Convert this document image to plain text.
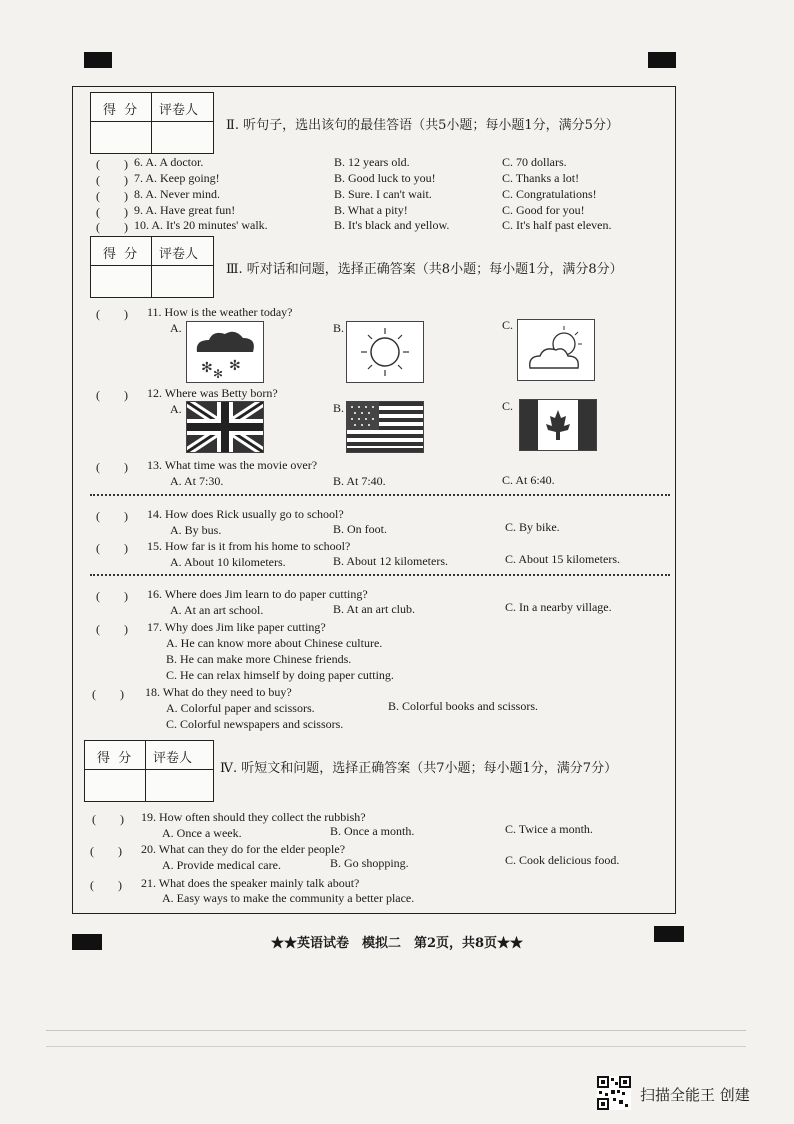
得 分 评卷人
Ⅱ. 听句子，选出该句的最佳答语（共5小题；每小题1分，满分5分）
(　　) 6. A. A doctor.	B. 12 years old.	C. 70 dollars.
(　　) 7. A. Keep going!	B. Good luck to you!	C. Thanks a lot!
(　　) 8. A. Never mind.	B. Sure. I can't wait.	C. Congratulations!
(　　) 9. A. Have great fun!	B. What a pity!	C. Good for you!
(　　) 10. A. It's 20 minutes' walk.	B. It's black and yellow.	C. It's half past eleven.
得 分 评卷人
Ⅲ. 听对话和问题，选择正确答案（共8小题；每小题1分，满分8分）
(　　) 11. How is the weather today?
A.
✻ ✻ ✻
B.	C.
(　　) 12. Where was Betty born?
A.	B.	C.
(　　) 13. What time was the movie over?
A. At 7:30.	B. At 7:40.	C. At 6:40.
(　　) 14. How does Rick usually go to school?
A. By bus.	B. On foot.	C. By bike.
(　　) 15. How far is it from his home to school?
A. About 10 kilometers.	B. About 12 kilometers.	C. About 15 kilometers.
(　　) 16. Where does Jim learn to do paper cutting?
A. At an art school.	B. At an art club.	C. In a nearby village.
(　　) 17. Why does Jim like paper cutting?
A. He can know more about Chinese culture.
B. He can make more Chinese friends.
C. He can relax himself by doing paper cutting.
(　　) 18. What do they need to buy?
A. Colorful paper and scissors.	B. Colorful books and scissors.
C. Colorful newspapers and scissors.
得 分 评卷人
Ⅳ. 听短文和问题，选择正确答案（共7小题；每小题1分，满分7分）
(　　) 19. How often should they collect the rubbish?
A. Once a week.	B. Once a month.	C. Twice a month.
(　　) 20. What can they do for the elder people?
A. Provide medical care.	B. Go shopping.	C. Cook delicious food.
(　　) 21. What does the speaker mainly talk about?
A. Easy ways to make the community a better place.
★★英语试卷　模拟二　第2页，共8页★★
扫描全能王 创建
